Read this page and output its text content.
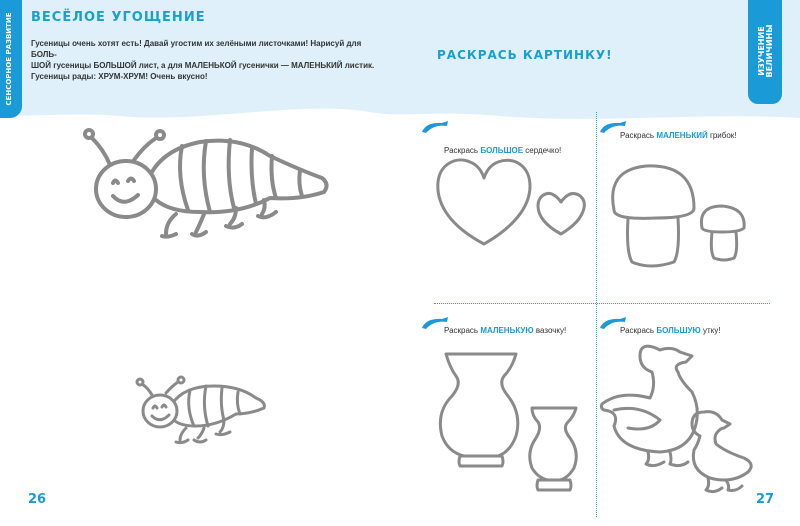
СЕНСОРНОЕ РАЗВИТИЕ	ИЗУЧЕНИЕ ВЕЛИЧИНЫ
ВЕСЁЛОЕ УГОЩЕНИЕ
Гусеницы очень хотят есть! Давай угостим их зелёными листочками! Нарисуй для БОЛЬ-
ШОЙ гусеницы БОЛЬШОЙ лист, а для МАЛЕНЬКОЙ гусенички — МАЛЕНЬКИЙ листик.
Гусеницы рады: ХРУМ-ХРУМ! Очень вкусно!
РАСКРАСЬ КАРТИНКУ!
Раскрась БОЛЬШОЕ сердечко!
Раскрась МАЛЕНЬКИЙ грибок!
Раскрась МАЛЕНЬКУЮ вазочку!	Раскрась БОЛЬШУЮ утку!
26	27
